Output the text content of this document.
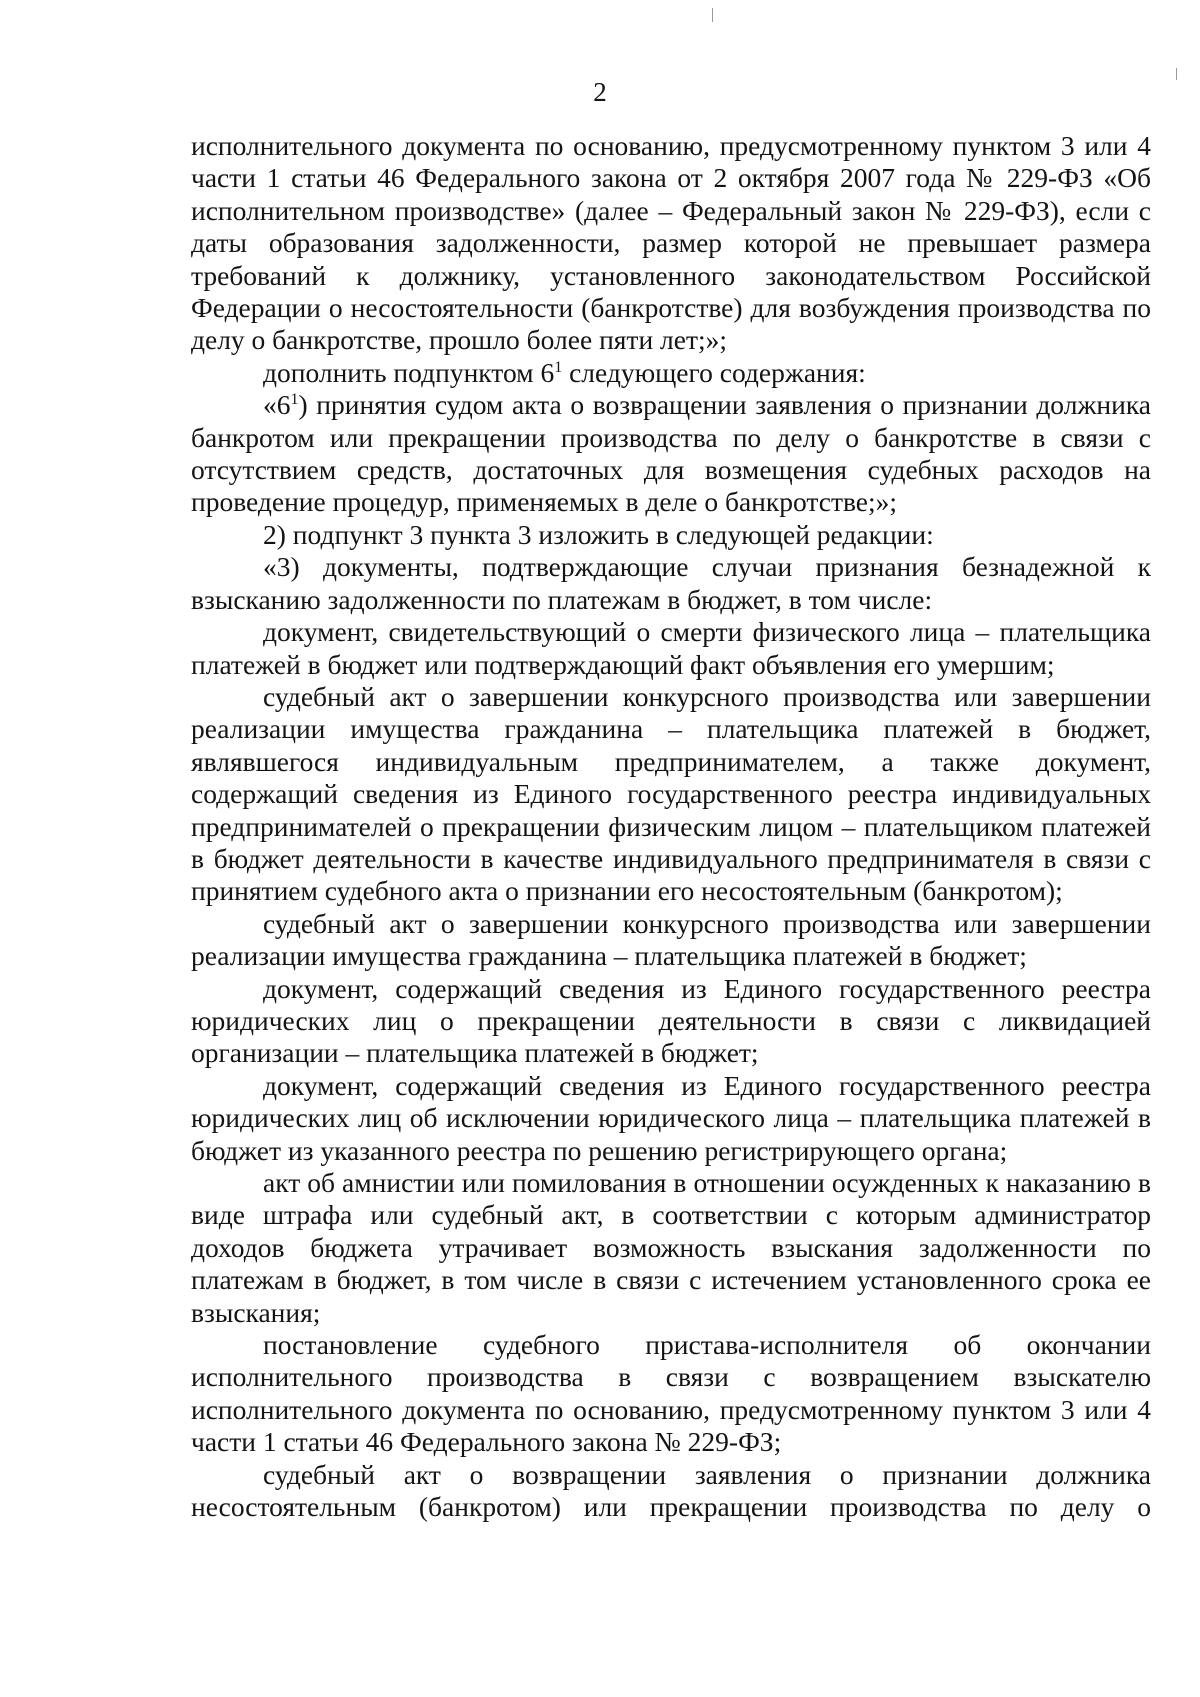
2

исполнительного документа по основанию, предусмотренному пунктом 3 или 4 части 1 статьи 46 Федерального закона от 2 октября 2007 года № 229-ФЗ «Об исполнительном производстве» (далее – Федеральный закон № 229-ФЗ), если с даты образования задолженности, размер которой не превышает размера требований к должнику, установленного законодательством Российской Федерации о несостоятельности (банкротстве) для возбуждения производства по делу о банкротстве, прошло более пяти лет;»;

дополнить подпунктом $6^1$ следующего содержания:

«$6^1$) принятия судом акта о возвращении заявления о признании должника банкротом или прекращении производства по делу о банкротстве в связи с отсутствием средств, достаточных для возмещения судебных расходов на проведение процедур, применяемых в деле о банкротстве;»;

2) подпункт 3 пункта 3 изложить в следующей редакции:

«3) документы, подтверждающие случаи признания безнадежной к взысканию задолженности по платежам в бюджет, в том числе:

документ, свидетельствующий о смерти физического лица – плательщика платежей в бюджет или подтверждающий факт объявления его умершим;

судебный акт о завершении конкурсного производства или завершении реализации имущества гражданина – плательщика платежей в бюджет, являвшегося индивидуальным предпринимателем, а также документ, содержащий сведения из Единого государственного реестра индивидуальных предпринимателей о прекращении физическим лицом – плательщиком платежей в бюджет деятельности в качестве индивидуального предпринимателя в связи с принятием судебного акта о признании его несостоятельным (банкротом);

судебный акт о завершении конкурсного производства или завершении реализации имущества гражданина – плательщика платежей в бюджет;

документ, содержащий сведения из Единого государственного реестра юридических лиц о прекращении деятельности в связи с ликвидацией организации – плательщика платежей в бюджет;

документ, содержащий сведения из Единого государственного реестра юридических лиц об исключении юридического лица – плательщика платежей в бюджет из указанного реестра по решению регистрирующего органа;

акт об амнистии или помилования в отношении осужденных к наказанию в виде штрафа или судебный акт, в соответствии с которым администратор доходов бюджета утрачивает возможность взыскания задолженности по платежам в бюджет, в том числе в связи с истечением установленного срока ее взыскания;

постановление судебного пристава-исполнителя об окончании исполнительного производства в связи с возвращением взыскателю исполнительного документа по основанию, предусмотренному пунктом 3 или 4 части 1 статьи 46 Федерального закона № 229-ФЗ;

судебный акт о возвращении заявления о признании должника несостоятельным (банкротом) или прекращении производства по делу о
